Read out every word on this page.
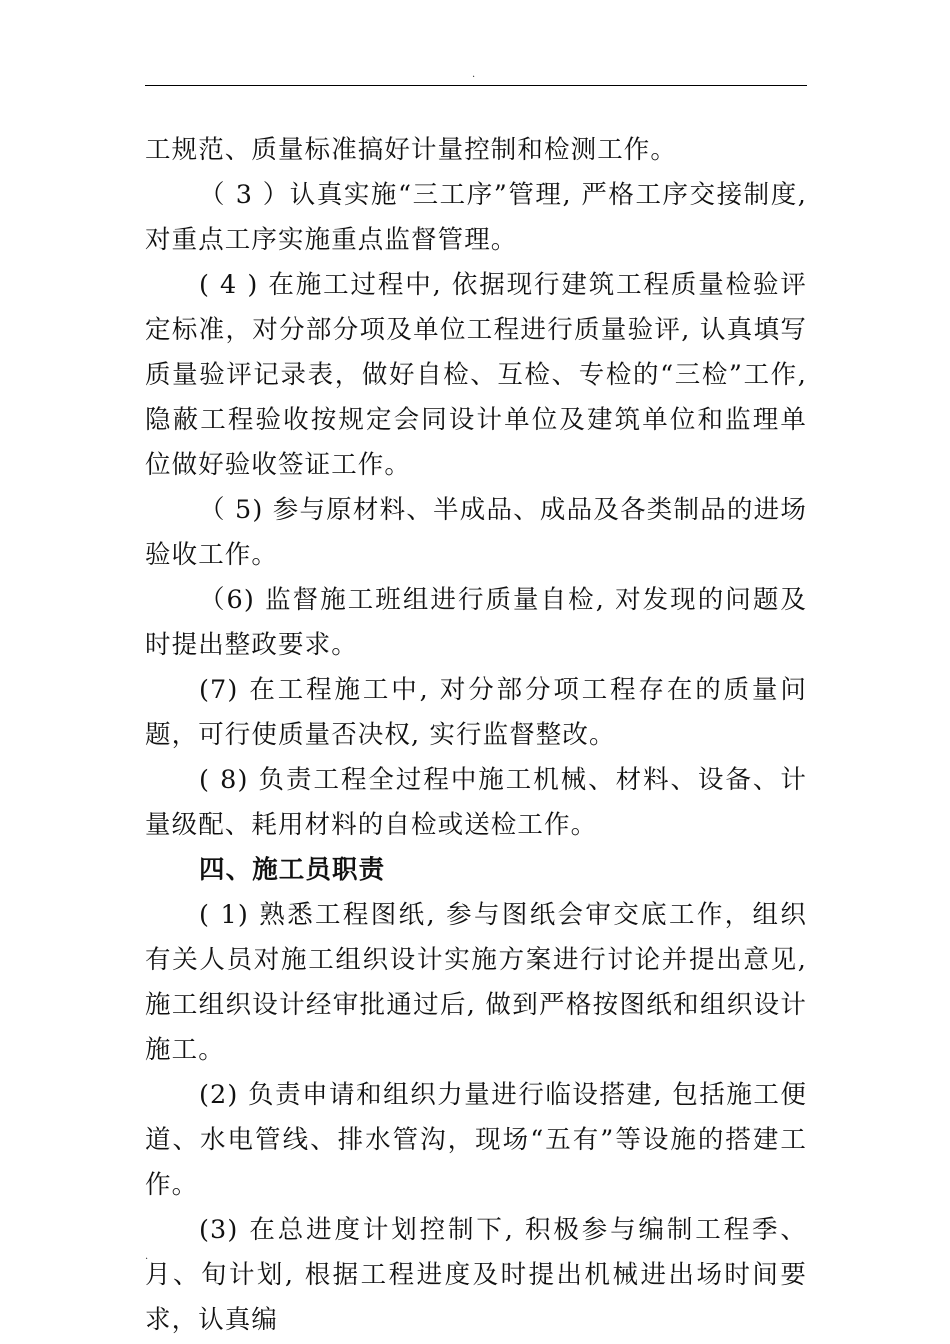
.

工规范、质量标准搞好计量控制和检测工作。

（ 3 ）认真实施“三工序”管理, 严格工序交接制度, 对重点工序实施重点监督管理。

( 4 ) 在施工过程中, 依据现行建筑工程质量检验评定标准，对分部分项及单位工程进行质量验评, 认真填写质量验评记录表，做好自检、互检、专检的“三检”工作, 隐蔽工程验收按规定会同设计单位及建筑单位和监理单位做好验收签证工作。

（ 5) 参与原材料、半成品、成品及各类制品的进场验收工作。

（6) 监督施工班组进行质量自检, 对发现的问题及时提出整政要求。

(7) 在工程施工中, 对分部分项工程存在的质量问题，可行使质量否决权, 实行监督整改。

( 8) 负责工程全过程中施工机械、材料、设备、计量级配、耗用材料的自检或送检工作。

四、施工员职责

( 1) 熟悉工程图纸, 参与图纸会审交底工作，组织有关人员对施工组织设计实施方案进行讨论并提出意见, 施工组织设计经审批通过后, 做到严格按图纸和组织设计施工。

(2) 负责申请和组织力量进行临设搭建, 包括施工便道、水电管线、排水管沟，现场“五有”等设施的搭建工作。

(3) 在总进度计划控制下, 积极参与编制工程季、月、旬计划, 根据工程进度及时提出机械进出场时间要求，认真编

.
